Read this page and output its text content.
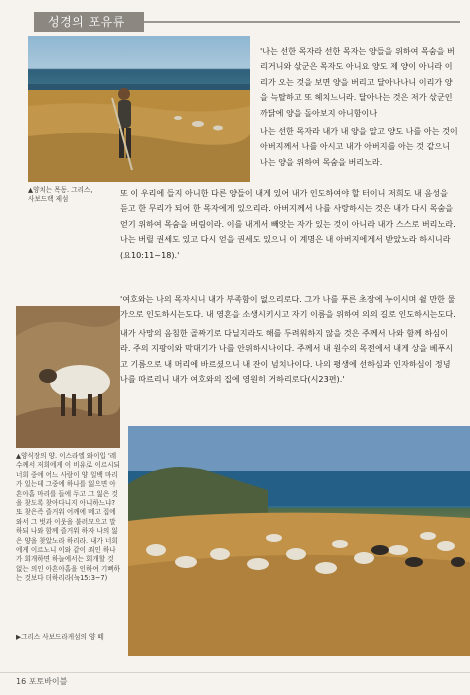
성경의 포유류
▲양치는 목동. 그리스, 사보드랙 제섬
▲양식장의 양. 이스라엘 와이입 '레수께서 저희에게 이 비유로 이르시되 너희 중에 어느 사람이 양 일백 마리가 있는데 그중에 하나를 잃으면 아흔아홉 마리를 들에 두고 그 잃은 것을 찾도록 찾아다니지 아니하느냐? 또 찾은즉 즐거워 어깨에 메고 집에 와서 그 벗과 이웃을 불러모으고 말하되 나와 함께 즐거워 하자 나의 잃은 양을 찾았노라 하리라. 내가 너희에게 이르노니 이와 같이 죄인 하나가 회개하면 하늘에서는 회개할 것 없는 의인 아흔아홉을 인하여 기뻐하는 것보다 더하리라(눅15:3~7)
▶그리스 사보드라게섬의 양 떼

'나는 선한 목자라 선한 목자는 양들을 위하여 목숨을 버리거니와 삯군은 목자도 아니요 양도 제 양이 아니라 이리가 오는 것을 보면 양을 버리고 달아나나니 이리가 양을 늑탈하고 또 헤치느니라. 달아나는 것은 저가 삯군인 까닭에 양을 돌아보지 아니함이나

나는 선한 목자라 내가 내 양을 알고 양도 나를 아는 것이 아버지께서 나를 아시고 내가 아버지를 아는 것 같으니 나는 양을 위하여 목숨을 버리노라.

또 이 우리에 들지 아니한 다른 양들이 내게 있어 내가 인도하여야 할 터이니 저희도 내 음성을 듣고 한 무리가 되어 한 목자에게 있으리라. 아버지께서 나를 사랑하시는 것은 내가 다시 목숨을 얻기 위하여 목숨을 버림이라. 이를 내게서 빼앗는 자가 있는 것이 아니라 내가 스스로 버리노라. 나는 버릴 권세도 있고 다시 얻을 권세도 있으니 이 계명은 내 아버지에게서 받았노라 하시니라(요10:11~18).'

'여호와는 나의 목자시니 내가 부족함이 없으리로다. 그가 나를 푸른 초장에 누이시며 쉴 만한 물가으로 인도하시는도다. 내 영혼을 소생시키시고 자기 이름을 위하여 의의 길로 인도하시는도다.

내가 사망의 음침한 골짜기로 다닐지라도 해를 두려워하지 않을 것은 주께서 나와 함께 하심이라. 주의 지팡이와 막대기가 나를 안위하시나이다. 주께서 내 원수의 목전에서 내게 상을 베푸시고 기름으로 내 머리에 바르셨으니 내 잔이 넘치나이다. 나의 평생에 선하심과 인자하심이 정녕 나를 따르리니 내가 여호와의 집에 영원히 거하리로다(시23편).'

16 포토바이블
